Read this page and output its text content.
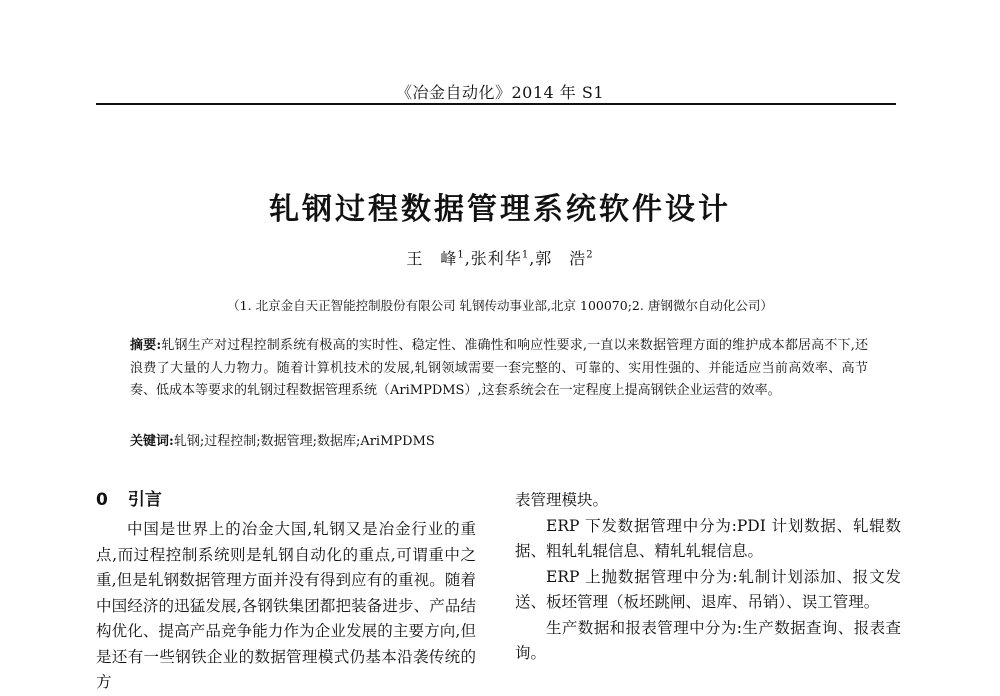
《冶金自动化》2014 年 S1
轧钢过程数据管理系统软件设计
王　峰$^1$,张利华$^1$,郭　浩$^2$
（1. 北京金自天正智能控制股份有限公司 轧钢传动事业部,北京 100070;2. 唐钢微尔自动化公司）
摘要:轧钢生产对过程控制系统有极高的实时性、稳定性、准确性和响应性要求,一直以来数据管理方面的维护成本都居高不下,还浪费了大量的人力物力。随着计算机技术的发展,轧钢领域需要一套完整的、可靠的、实用性强的、并能适应当前高效率、高节奏、低成本等要求的轧钢过程数据管理系统（AriMPDMS）,这套系统会在一定程度上提高钢铁企业运营的效率。
关键词:轧钢;过程控制;数据管理;数据库;AriMPDMS
0 引言

中国是世界上的冶金大国,轧钢又是冶金行业的重点,而过程控制系统则是轧钢自动化的重点,可谓重中之重,但是轧钢数据管理方面并没有得到应有的重视。随着中国经济的迅猛发展,各钢铁集团都把装备进步、产品结构优化、提高产品竞争能力作为企业发展的主要方向,但是还有一些钢铁企业的数据管理模式仍基本沿袭传统的方

表管理模块。

ERP 下发数据管理中分为:PDI 计划数据、轧辊数据、粗轧轧辊信息、精轧轧辊信息。

ERP 上抛数据管理中分为:轧制计划添加、报文发送、板坯管理（板坯跳闸、退库、吊销）、误工管理。

生产数据和报表管理中分为:生产数据查询、报表查询。
